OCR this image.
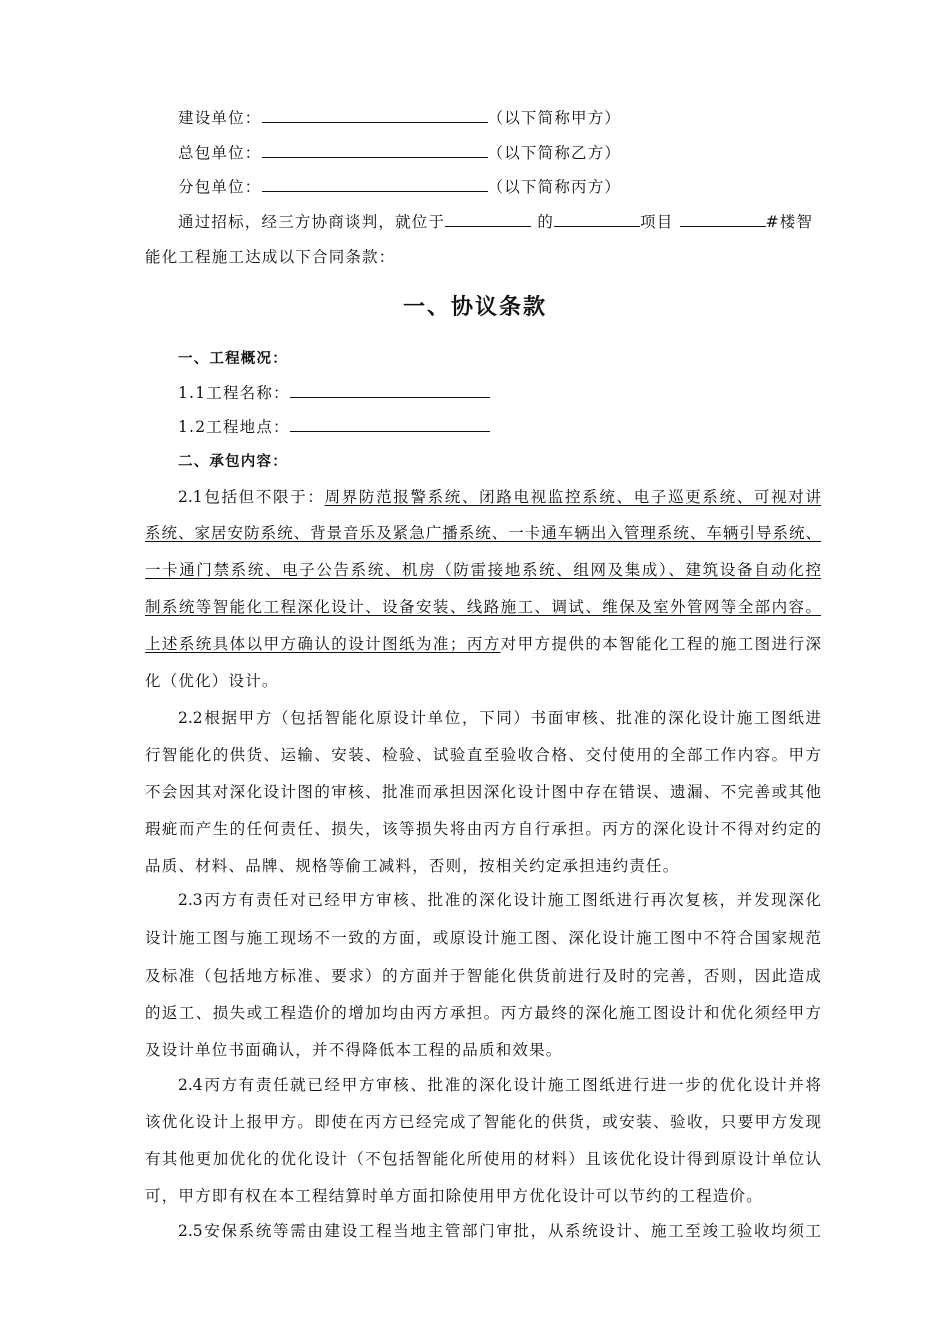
建设单位：	（以下简称甲方）
总包单位：	（以下简称乙方）
分包单位：	（以下简称丙方）
通过招标，经三方协商谈判，就位于	的	项目	#楼智
能化工程施工达成以下合同条款：
一、协议条款
一、工程概况：
1.1工程名称：
1.2工程地点：
二、承包内容：
2.1包括但不限于：周界防范报警系统、闭路电视监控系统、电子巡更系统、可视对讲
系统、家居安防系统、背景音乐及紧急广播系统、一卡通车辆出入管理系统、车辆引导系统、
一卡通门禁系统、电子公告系统、机房（防雷接地系统、组网及集成）、建筑设备自动化控
制系统等智能化工程深化设计、设备安装、线路施工、调试、维保及室外管网等全部内容。
上述系统具体以甲方确认的设计图纸为准；丙方对甲方提供的本智能化工程的施工图进行深
化（优化）设计。
2.2根据甲方（包括智能化原设计单位，下同）书面审核、批准的深化设计施工图纸进
行智能化的供货、运输、安装、检验、试验直至验收合格、交付使用的全部工作内容。甲方
不会因其对深化设计图的审核、批准而承担因深化设计图中存在错误、遗漏、不完善或其他
瑕疵而产生的任何责任、损失，该等损失将由丙方自行承担。丙方的深化设计不得对约定的
品质、材料、品牌、规格等偷工减料，否则，按相关约定承担违约责任。
2.3丙方有责任对已经甲方审核、批准的深化设计施工图纸进行再次复核，并发现深化
设计施工图与施工现场不一致的方面，或原设计施工图、深化设计施工图中不符合国家规范
及标准（包括地方标准、要求）的方面并于智能化供货前进行及时的完善，否则，因此造成
的返工、损失或工程造价的增加均由丙方承担。丙方最终的深化施工图设计和优化须经甲方
及设计单位书面确认，并不得降低本工程的品质和效果。
2.4丙方有责任就已经甲方审核、批准的深化设计施工图纸进行进一步的优化设计并将
该优化设计上报甲方。即使在丙方已经完成了智能化的供货，或安装、验收，只要甲方发现
有其他更加优化的优化设计（不包括智能化所使用的材料）且该优化设计得到原设计单位认
可，甲方即有权在本工程结算时单方面扣除使用甲方优化设计可以节约的工程造价。
2.5安保系统等需由建设工程当地主管部门审批，从系统设计、施工至竣工验收均须工
